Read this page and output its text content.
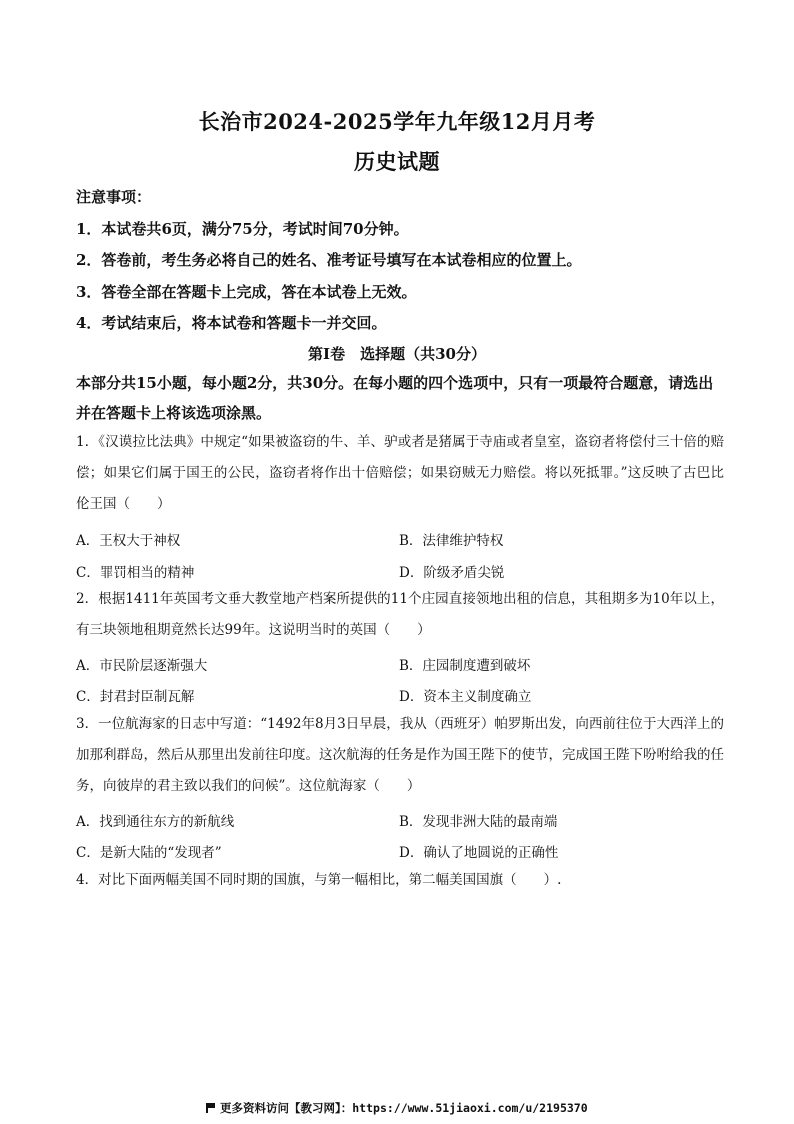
长治市2024-2025学年九年级12月月考
历史试题
注意事项：
1．本试卷共6页，满分75分，考试时间70分钟。
2．答卷前，考生务必将自己的姓名、准考证号填写在本试卷相应的位置上。
3．答卷全部在答题卡上完成，答在本试卷上无效。
4．考试结束后，将本试卷和答题卡一并交回。
第Ⅰ卷　选择题（共30分）
本部分共15小题，每小题2分，共30分。在每小题的四个选项中，只有一项最符合题意，请选出并在答题卡上将该选项涂黑。
1．《汉谟拉比法典》中规定“如果被盗窃的牛、羊、驴或者是猪属于寺庙或者皇室，盗窃者将偿付三十倍的赔偿；如果它们属于国王的公民，盗窃者将作出十倍赔偿；如果窃贼无力赔偿。将以死抵罪。”这反映了古巴比伦王国（　　）
A．王权大于神权	B．法律维护特权
C．罪罚相当的精神	D．阶级矛盾尖锐
2．根据1411年英国考文垂大教堂地产档案所提供的11个庄园直接领地出租的信息，其租期多为10年以上，有三块领地租期竟然长达99年。这说明当时的英国（　　）
A．市民阶层逐渐强大	B．庄园制度遭到破坏
C．封君封臣制瓦解	D．资本主义制度确立
3．一位航海家的日志中写道：“1492年8月3日早晨，我从（西班牙）帕罗斯出发，向西前往位于大西洋上的加那利群岛，然后从那里出发前往印度。这次航海的任务是作为国王陛下的使节，完成国王陛下吩咐给我的任务，向彼岸的君主致以我们的问候”。这位航海家（　　）
A．找到通往东方的新航线	B．发现非洲大陆的最南端
C．是新大陆的“发现者”	D．确认了地圆说的正确性
4．对比下面两幅美国不同时期的国旗，与第一幅相比，第二幅美国国旗（　　）.
更多资料访问【教习网】：https://www.51jiaoxi.com/u/2195370
